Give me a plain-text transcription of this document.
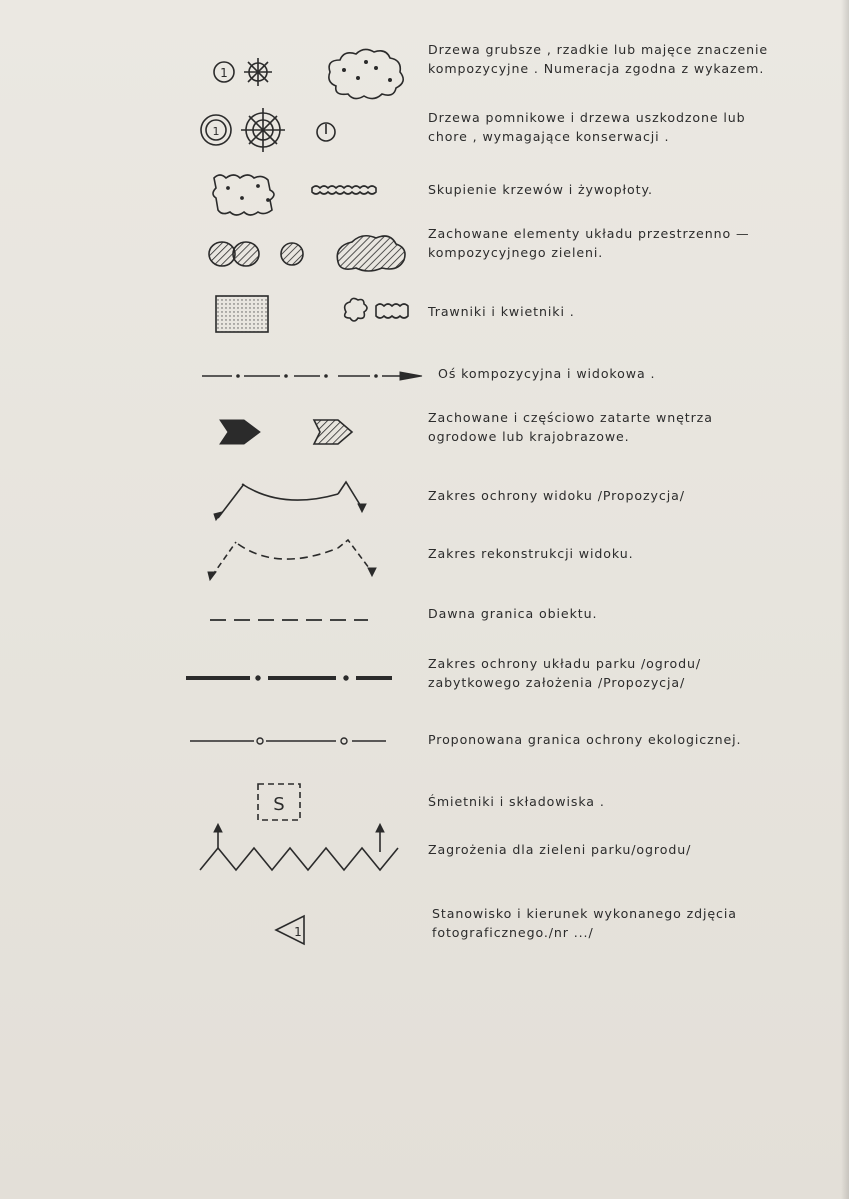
1
Drzewa grubsze , rzadkie lub majęce znaczenie
kompozycyjne . Numeracja zgodna z wykazem.
1
Drzewa pomnikowe i drzewa uszkodzone lub
chore , wymagające konserwacji .
Skupienie krzewów i żywopłoty.
Zachowane elementy układu przestrzenno —
kompozycyjnego zieleni.
Trawniki i kwietniki .
Oś kompozycyjna i widokowa .
Zachowane i częściowo zatarte wnętrza
ogrodowe lub krajobrazowe.
Zakres ochrony widoku /Propozycja/
Zakres rekonstrukcji widoku.
Dawna granica obiektu.
Zakres ochrony układu parku /ogrodu/
zabytkowego założenia /Propozycja/
Proponowana granica ochrony ekologicznej.
S	Śmietniki i składowiska .
Zagrożenia dla zieleni parku/ogrodu/
1
Stanowisko i kierunek wykonanego zdjęcia
fotograficznego./nr .../
